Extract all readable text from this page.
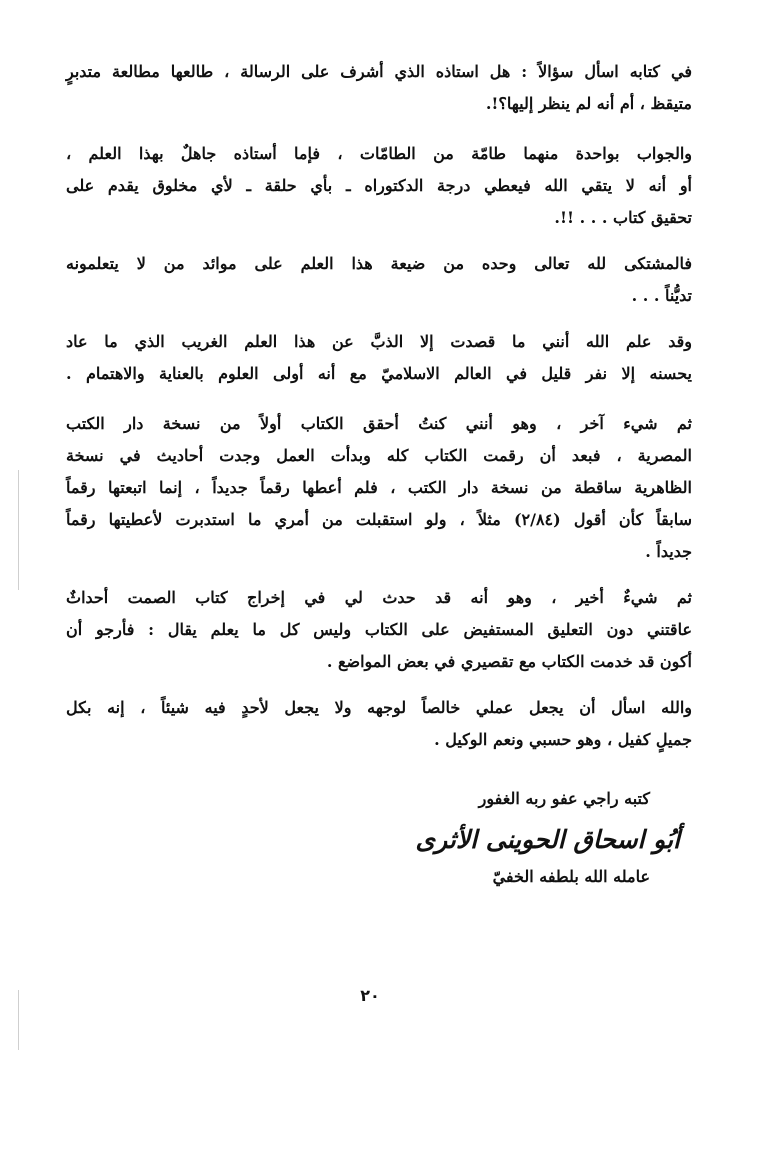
في كتابه اسأل سؤالاً : هل استاذه الذي أشرف على الرسالة ، طالعها مطالعة متدبرٍ
متيقظ ، أم أنه لم ينظر إليها؟!.
والجواب بواحدة منهما طامّة من الطامّات ، فإما أستاذه جاهلٌ بهذا العلم ،
أو أنه لا يتقي الله فيعطي درجة الدكتوراه ـ بأي حلقة ـ لأي مخلوق يقدم على
تحقيق كتاب . . . !!.
فالمشتكى لله تعالى وحده من ضيعة هذا العلم على موائد من لا يتعلمونه
تديُّناً . . .
وقد علم الله أنني ما قصدت إلا الذبَّ عن هذا العلم الغريب الذي ما عاد
يحسنه إلا نفر قليل في العالم الاسلاميّ مع أنه أولى العلوم بالعناية والاهتمام .
ثم شيء آخر ، وهو أنني كنتُ أحقق الكتاب أولاً من نسخة دار الكتب
المصرية ، فبعد أن رقمت الكتاب كله وبدأت العمل وجدت أحاديث في نسخة
الظاهرية ساقطة من نسخة دار الكتب ، فلم أعطها رقماً جديداً ، إنما اتبعتها رقماً
سابقاً كأن أقول (٢/٨٤) مثلاً ، ولو استقبلت من أمري ما استدبرت لأعطيتها رقماً
جديداً .
ثم شيءٌ أخير ، وهو أنه قد حدث لي في إخراج كتاب الصمت أحداثٌ
عاقتني دون التعليق المستفيض على الكتاب وليس كل ما يعلم يقال : فأرجو أن
أكون قد خدمت الكتاب مع تقصيري في بعض المواضع .
والله اسأل أن يجعل عملي خالصاً لوجهه ولا يجعل لأحدٍ فيه شيئاً ، إنه بكل
جميلٍ كفيل ، وهو حسبي ونعم الوكيل .
كتبه راجي عفو ربه الغفور
أبُو اسحاق الحوينى الأثرى
عامله الله بلطفه الخفيّ
٢٠
